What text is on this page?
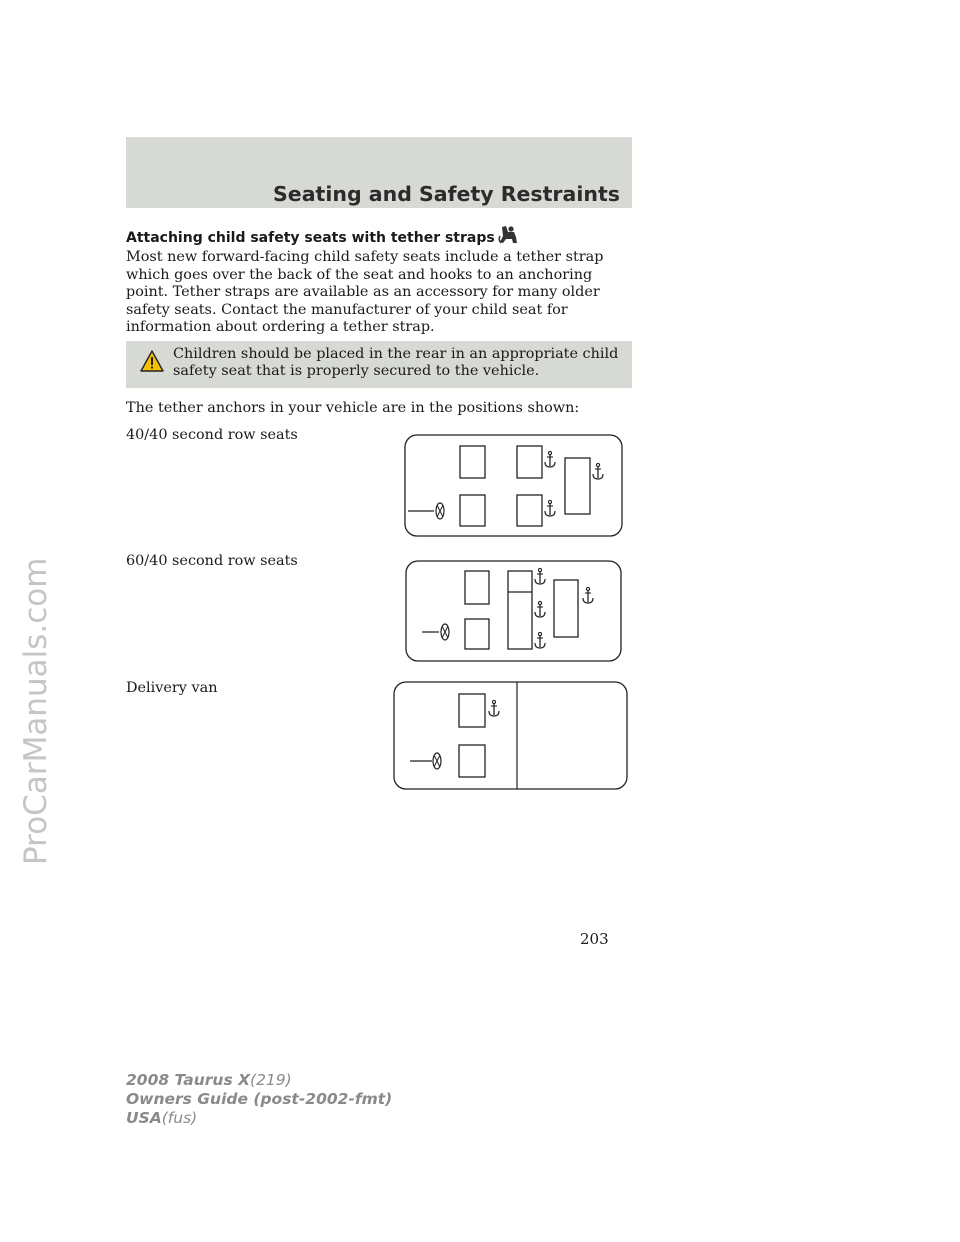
Seating and Safety Restraints
Attaching child safety seats with tether straps

Most new forward-facing child safety seats include a tether strap which goes over the back of the seat and hooks to an anchoring point. Tether straps are available as an accessory for many older safety seats. Contact the manufacturer of your child seat for information about ordering a tether strap.

Children should be placed in the rear in an appropriate child safety seat that is properly secured to the vehicle.

The tether anchors in your vehicle are in the positions shown:

40/40 second row seats

60/40 second row seats

Delivery van

203

2008 Taurus X(219)
Owners Guide (post-2002-fmt)
USA(fus)

ProCarManuals.com
